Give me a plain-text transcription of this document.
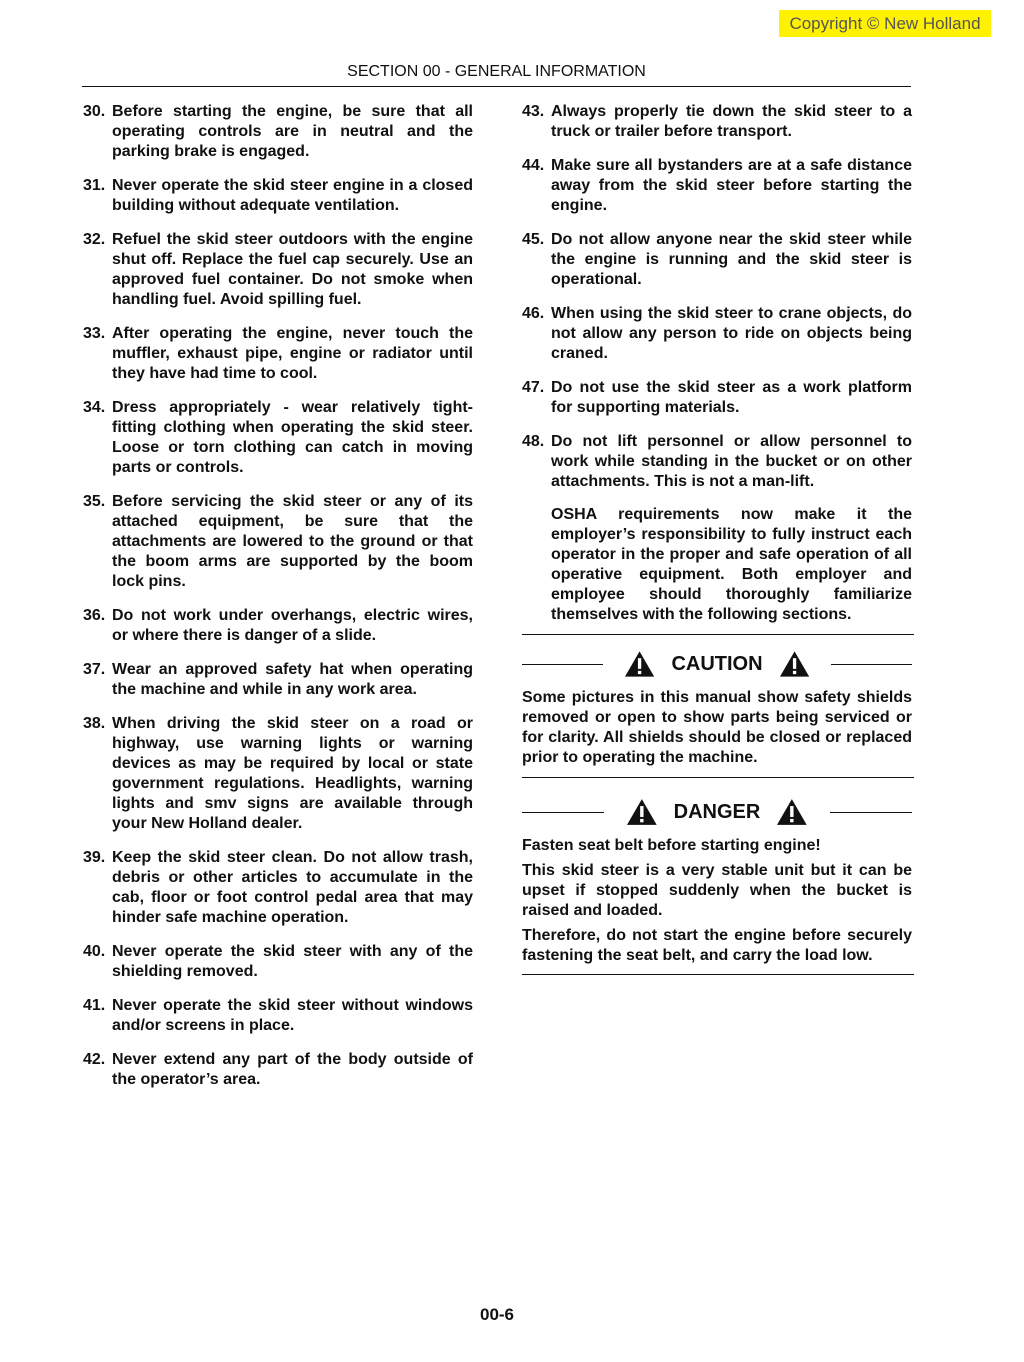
Copyright © New Holland
SECTION 00 - GENERAL INFORMATION
30. Before starting the engine, be sure that all operating controls are in neutral and the parking brake is engaged.
31. Never operate the skid steer engine in a closed building without adequate ventilation.
32. Refuel the skid steer outdoors with the engine shut off. Replace the fuel cap securely. Use an approved fuel container. Do not smoke when handling fuel. Avoid spilling fuel.
33. After operating the engine, never touch the muffler, exhaust pipe, engine or radiator until they have had time to cool.
34. Dress appropriately - wear relatively tight-fitting clothing when operating the skid steer. Loose or torn clothing can catch in moving parts or controls.
35. Before servicing the skid steer or any of its attached equipment, be sure that the attachments are lowered to the ground or that the boom arms are supported by the boom lock pins.
36. Do not work under overhangs, electric wires, or where there is danger of a slide.
37. Wear an approved safety hat when operating the machine and while in any work area.
38. When driving the skid steer on a road or highway, use warning lights or warning devices as may be required by local or state government regulations. Headlights, warning lights and smv signs are available through your New Holland dealer.
39. Keep the skid steer clean. Do not allow trash, debris or other articles to accumulate in the cab, floor or foot control pedal area that may hinder safe machine operation.
40. Never operate the skid steer with any of the shielding removed.
41. Never operate the skid steer without windows and/or screens in place.
42. Never extend any part of the body outside of the operator’s area.
43. Always properly tie down the skid steer to a truck or trailer before transport.
44. Make sure all bystanders are at a safe distance away from the skid steer before starting the engine.
45. Do not allow anyone near the skid steer while the engine is running and the skid steer is operational.
46. When using the skid steer to crane objects, do not allow any person to ride on objects being craned.
47. Do not use the skid steer as a work platform for supporting materials.
48. Do not lift personnel or allow personnel to work while standing in the bucket or on other attachments. This is not a man-lift.
OSHA requirements now make it the employer’s responsibility to fully instruct each operator in the proper and safe operation of all operative equipment. Both employer and employee should thoroughly familiarize themselves with the following sections.
CAUTION
Some pictures in this manual show safety shields removed or open to show parts being serviced or for clarity. All shields should be closed or replaced prior to operating the machine.
DANGER
Fasten seat belt before starting engine!
This skid steer is a very stable unit but it can be upset if stopped suddenly when the bucket is raised and loaded.
Therefore, do not start the engine before securely fastening the seat belt, and carry the load low.
00-6
